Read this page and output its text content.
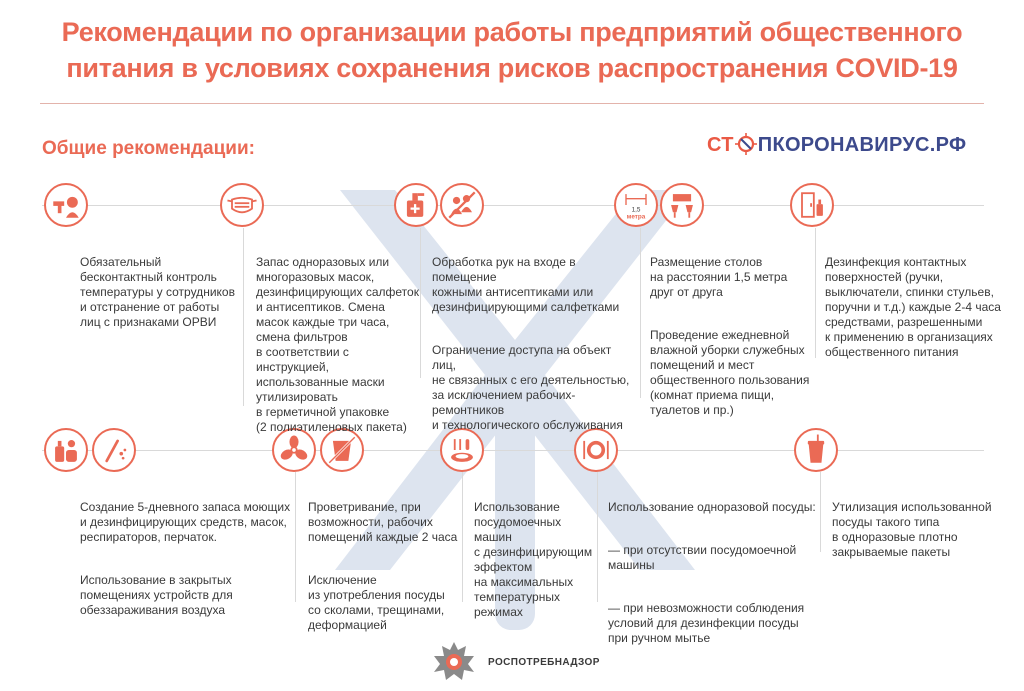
Рекомендации по организации работы предприятий общественного
питания в условиях сохранения рисков распространения COVID-19
Общие рекомендации:	СТ ПКОРОНАВИРУС.РФ
1,5
метра

Обязательный
бесконтактный контроль
температуры у сотрудников
и отстранение от работы
лиц с признаками ОРВИ

Запас одноразовых или
многоразовых масок,
дезинфицирующих салфеток
и антисептиков. Смена
масок каждые три часа,
смена фильтров
в соответствии с инструкцией,
использованные маски
утилизировать
в герметичной упаковке
(2 полиэтиленовых пакета)

Обработка рук на входе в помещение
кожными антисептиками или
дезинфицирующими салфетками

Ограничение доступа на объект лиц,
не связанных с его деятельностью,
за исключением рабочих-ремонтников
и технологического обслуживания

Размещение столов
на расстоянии 1,5 метра
друг от друга

Проведение ежедневной
влажной уборки служебных
помещений и мест
общественного пользования
(комнат приема пищи,
туалетов и пр.)

Дезинфекция контактных
поверхностей (ручки,
выключатели, спинки стульев,
поручни и т.д.) каждые 2-4 часа
средствами, разрешенными
к применению в организациях
общественного питания

Создание 5-дневного запаса моющих
и дезинфицирующих средств, масок,
респираторов, перчаток.

Использование в закрытых
помещениях устройств для
обеззараживания воздуха

Проветривание, при
возможности, рабочих
помещений каждые 2 часа

Исключение
из употребления посуды
со сколами, трещинами,
деформацией

Использование
посудомоечных
машин
с дезинфицирующим
эффектом
на максимальных
температурных
режимах

Использование одноразовой посуды:

— при отсутствии посудомоечной
машины

— при невозможности соблюдения
условий для дезинфекции посуды
при ручном мытье

Утилизация использованной
посуды такого типа
в одноразовые плотно
закрываемые пакеты

РОСПОТРЕБНАДЗОР
